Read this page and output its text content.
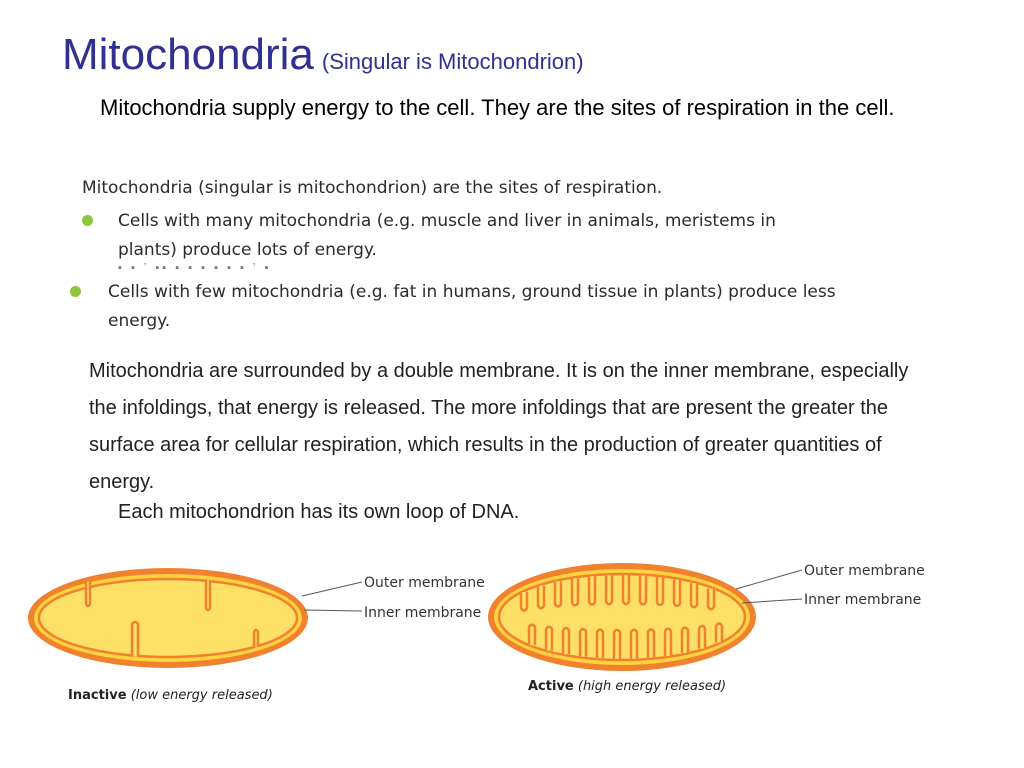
Mitochondria (Singular is Mitochondrion)
Mitochondria supply energy to the cell. They are the sites of respiration in the cell.
Mitochondria (singular is mitochondrion) are the sites of respiration.
Cells with many mitochondria (e.g. muscle and liver in animals, meristems in plants) produce lots of energy.
▪ ▪ ʼ ▪▪ ▪ ▪ ▪ ▪ ▪ ▪ ʼ ▪
Cells with few mitochondria (e.g. fat in humans, ground tissue in plants) produce less energy.
Mitochondria are surrounded by a double membrane. It is on the inner membrane, especially the infoldings, that energy is released. The more infoldings that are present the greater the surface area for cellular respiration, which results in the production of greater quantities of energy.
Each mitochondrion has its own loop of DNA.
Outer membrane
Inner membrane
Inactive (low energy released)
Outer membrane
Inner membrane
Active (high energy released)
